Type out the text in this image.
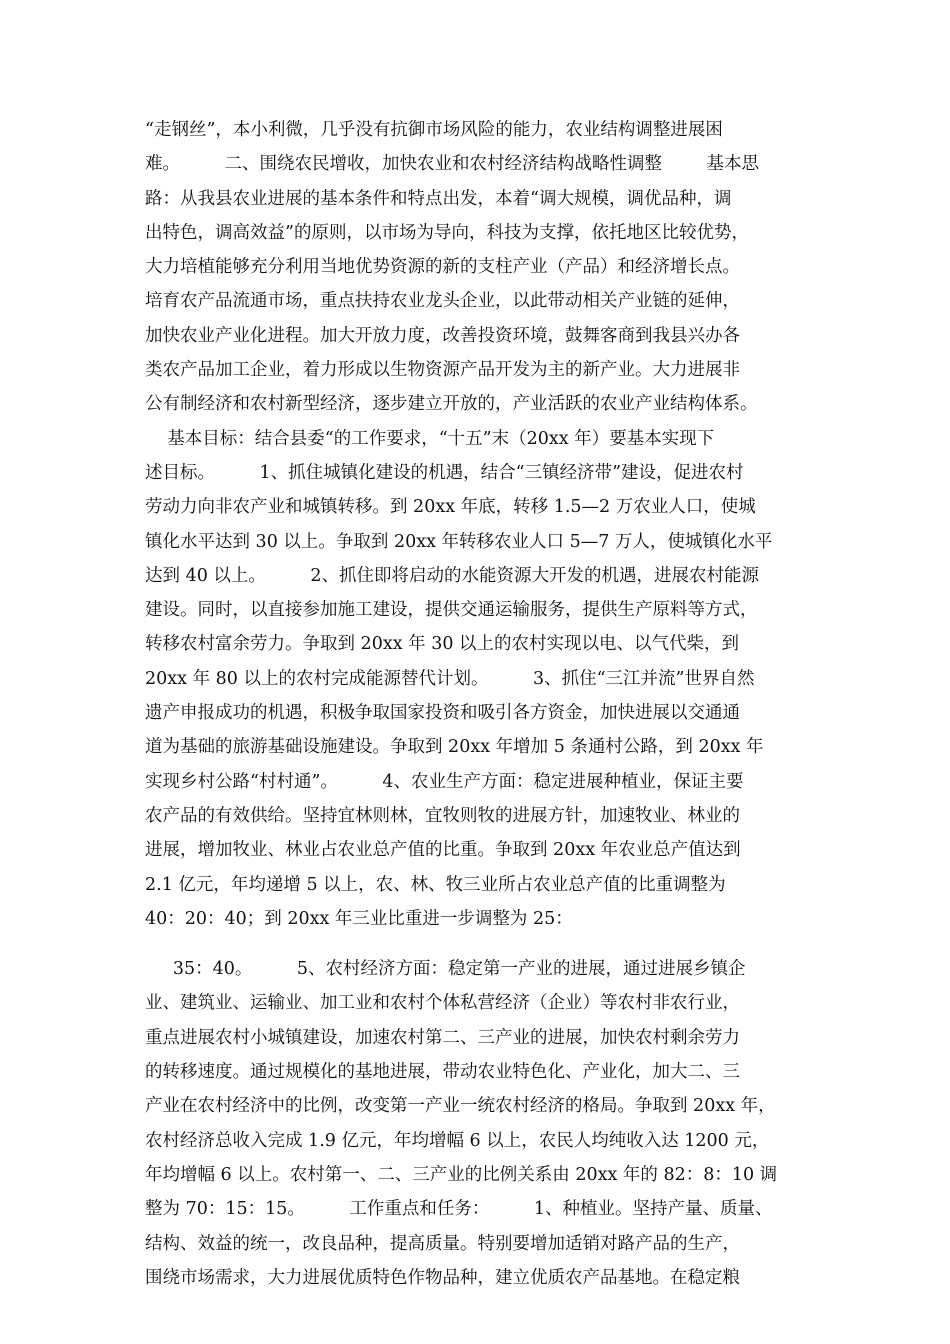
“走钢丝”，本小利微，几乎没有抗御市场风险的能力，农业结构调整进展困
难。        二、围绕农民增收，加快农业和农村经济结构战略性调整        基本思
路：从我县农业进展的基本条件和特点出发，本着“调大规模，调优品种，调
出特色，调高效益”的原则，以市场为导向，科技为支撑，依托地区比较优势，
大力培植能够充分利用当地优势资源的新的支柱产业（产品）和经济增长点。
培育农产品流通市场，重点扶持农业龙头企业，以此带动相关产业链的延伸，
加快农业产业化进程。加大开放力度，改善投资环境，鼓舞客商到我县兴办各
类农产品加工企业，着力形成以生物资源产品开发为主的新产业。大力进展非
公有制经济和农村新型经济，逐步建立开放的，产业活跃的农业产业结构体系。
基本目标：结合县委“的工作要求，“十五”末（20xx 年）要基本实现下
述目标。        1、抓住城镇化建设的机遇，结合“三镇经济带”建设，促进农村
劳动力向非农产业和城镇转移。到 20xx 年底，转移 1.5—2 万农业人口，使城
镇化水平达到 30 以上。争取到 20xx 年转移农业人口 5—7 万人，使城镇化水平
达到 40 以上。        2、抓住即将启动的水能资源大开发的机遇，进展农村能源
建设。同时，以直接参加施工建设，提供交通运输服务，提供生产原料等方式，
转移农村富余劳力。争取到 20xx 年 30 以上的农村实现以电、以气代柴，到
20xx 年 80 以上的农村完成能源替代计划。        3、抓住“三江并流”世界自然
遗产申报成功的机遇，积极争取国家投资和吸引各方资金，加快进展以交通通
道为基础的旅游基础设施建设。争取到 20xx 年增加 5 条通村公路，到 20xx 年
实现乡村公路“村村通”。        4、农业生产方面：稳定进展种植业，保证主要
农产品的有效供给。坚持宜林则林，宜牧则牧的进展方针，加速牧业、林业的
进展，增加牧业、林业占农业总产值的比重。争取到 20xx 年农业总产值达到
2.1 亿元，年均递增 5 以上，农、林、牧三业所占农业总产值的比重调整为
40：20：40；到 20xx 年三业比重进一步调整为 25：
35：40。        5、农村经济方面：稳定第一产业的进展，通过进展乡镇企
业、建筑业、运输业、加工业和农村个体私营经济（企业）等农村非农行业，
重点进展农村小城镇建设，加速农村第二、三产业的进展，加快农村剩余劳力
的转移速度。通过规模化的基地进展，带动农业特色化、产业化，加大二、三
产业在农村经济中的比例，改变第一产业一统农村经济的格局。争取到 20xx 年，
农村经济总收入完成 1.9 亿元，年均增幅 6 以上，农民人均纯收入达 1200 元，
年均增幅 6 以上。农村第一、二、三产业的比例关系由 20xx 年的 82：8：10 调
整为 70：15：15。        工作重点和任务：        1、种植业。坚持产量、质量、
结构、效益的统一，改良品种，提高质量。特别要增加适销对路产品的生产，
围绕市场需求，大力进展优质特色作物品种，建立优质农产品基地。在稳定粮
